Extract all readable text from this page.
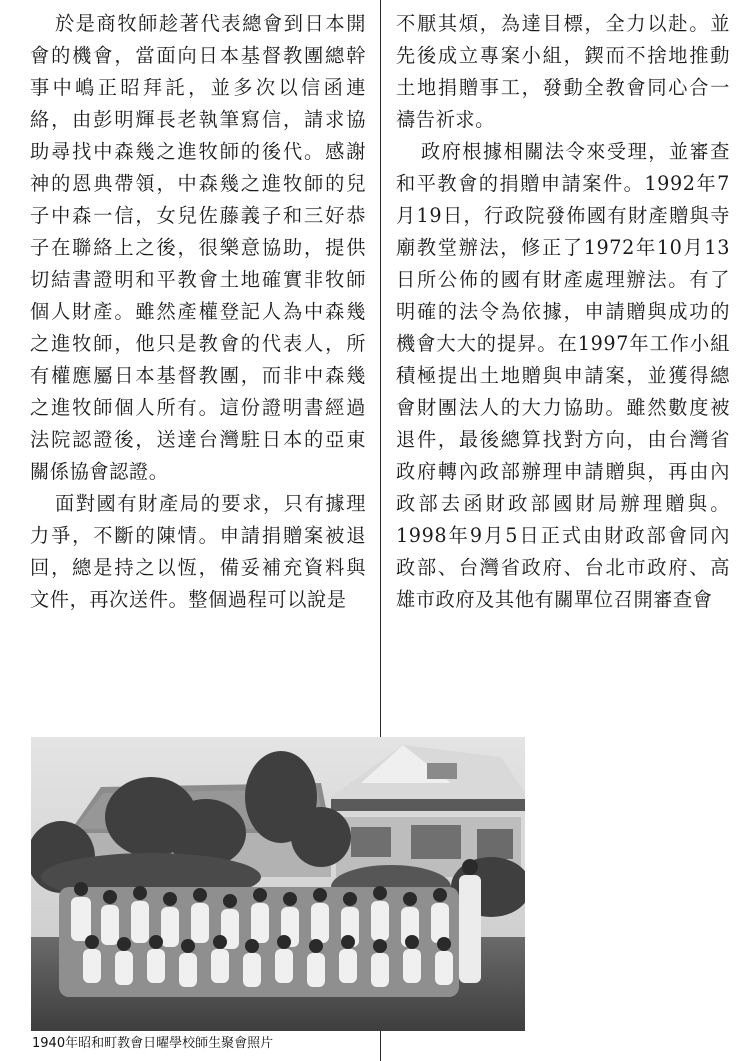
於是商牧師趁著代表總會到日本開會的機會，當面向日本基督教團總幹事中嶋正昭拜託，並多次以信函連絡，由彭明輝長老執筆寫信，請求協助尋找中森幾之進牧師的後代。感謝神的恩典帶領，中森幾之進牧師的兒子中森一信，女兒佐藤義子和三好恭子在聯絡上之後，很樂意協助，提供切結書證明和平教會土地確實非牧師個人財產。雖然產權登記人為中森幾之進牧師，他只是教會的代表人，所有權應屬日本基督教團，而非中森幾之進牧師個人所有。這份證明書經過法院認證後，送達台灣駐日本的亞東關係協會認證。

面對國有財產局的要求，只有據理力爭，不斷的陳情。申請捐贈案被退回，總是持之以恆，備妥補充資料與文件，再次送件。整個過程可以說是

不厭其煩，為達目標，全力以赴。並先後成立專案小組，鍥而不捨地推動土地捐贈事工，發動全教會同心合一禱告祈求。

政府根據相關法令來受理，並審查和平教會的捐贈申請案件。1992年7月19日，行政院發佈國有財產贈與寺廟教堂辦法，修正了1972年10月13日所公佈的國有財產處理辦法。有了明確的法令為依據，申請贈與成功的機會大大的提昇。在1997年工作小組積極提出土地贈與申請案，並獲得總會財團法人的大力協助。雖然數度被退件，最後總算找對方向，由台灣省政府轉內政部辦理申請贈與，再由內政部去函財政部國財局辦理贈與。1998年9月5日正式由財政部會同內政部、台灣省政府、台北市政府、高雄市政府及其他有關單位召開審查會

1940年昭和町教會日曜學校師生聚會照片
